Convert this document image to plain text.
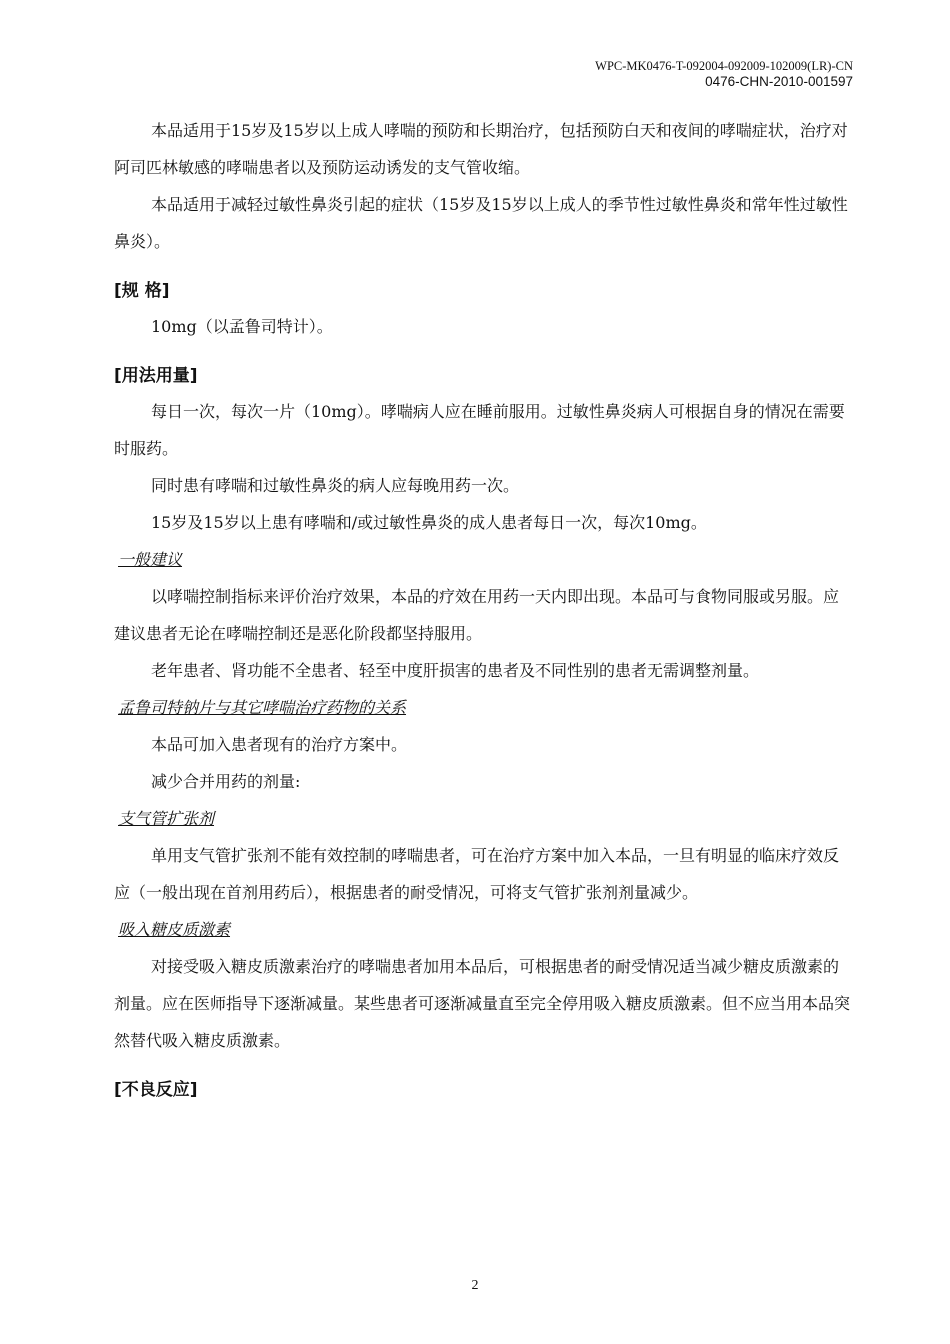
WPC-MK0476-T-092004-092009-102009(LR)-CN
0476-CHN-2010-001597

本品适用于15岁及15岁以上成人哮喘的预防和长期治疗，包括预防白天和夜间的哮喘症状，治疗对阿司匹林敏感的哮喘患者以及预防运动诱发的支气管收缩。

本品适用于减轻过敏性鼻炎引起的症状（15岁及15岁以上成人的季节性过敏性鼻炎和常年性过敏性鼻炎）。

[规 格]

10mg（以孟鲁司特计）。

[用法用量]

每日一次，每次一片（10mg）。哮喘病人应在睡前服用。过敏性鼻炎病人可根据自身的情况在需要时服药。

同时患有哮喘和过敏性鼻炎的病人应每晚用药一次。

15岁及15岁以上患有哮喘和/或过敏性鼻炎的成人患者每日一次，每次10mg。

一般建议

以哮喘控制指标来评价治疗效果，本品的疗效在用药一天内即出现。本品可与食物同服或另服。应建议患者无论在哮喘控制还是恶化阶段都坚持服用。

老年患者、肾功能不全患者、轻至中度肝损害的患者及不同性别的患者无需调整剂量。

孟鲁司特钠片与其它哮喘治疗药物的关系

本品可加入患者现有的治疗方案中。

减少合并用药的剂量:

支气管扩张剂

单用支气管扩张剂不能有效控制的哮喘患者，可在治疗方案中加入本品，一旦有明显的临床疗效反应（一般出现在首剂用药后），根据患者的耐受情况，可将支气管扩张剂剂量减少。

吸入糖皮质激素

对接受吸入糖皮质激素治疗的哮喘患者加用本品后，可根据患者的耐受情况适当减少糖皮质激素的剂量。应在医师指导下逐渐减量。某些患者可逐渐减量直至完全停用吸入糖皮质激素。但不应当用本品突然替代吸入糖皮质激素。

[不良反应]
2
